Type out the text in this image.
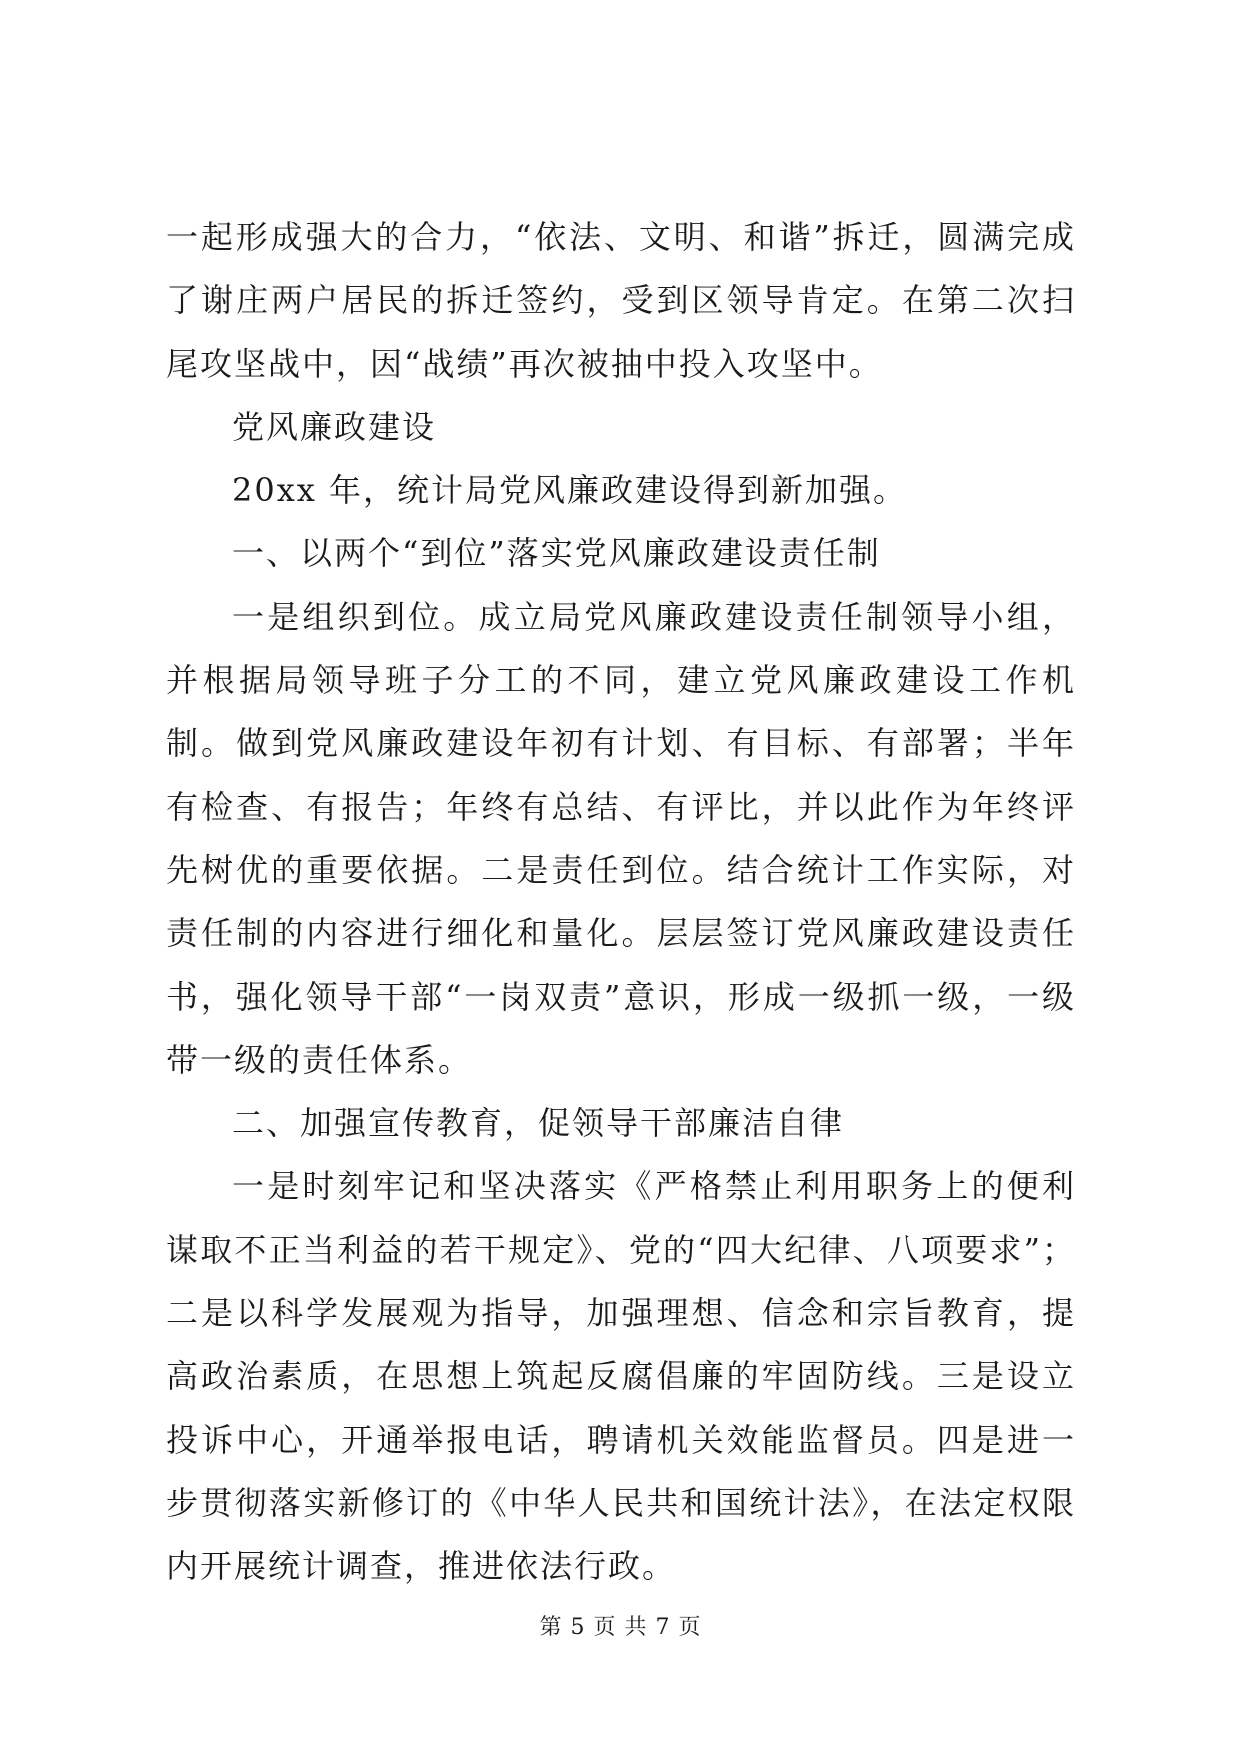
一起形成强大的合力，“依法、文明、和谐”拆迁，圆满完成了谢庄两户居民的拆迁签约，受到区领导肯定。在第二次扫尾攻坚战中，因“战绩”再次被抽中投入攻坚中。

党风廉政建设

20xx 年，统计局党风廉政建设得到新加强。

一、以两个“到位”落实党风廉政建设责任制

一是组织到位。成立局党风廉政建设责任制领导小组，并根据局领导班子分工的不同，建立党风廉政建设工作机制。做到党风廉政建设年初有计划、有目标、有部署；半年有检查、有报告；年终有总结、有评比，并以此作为年终评先树优的重要依据。二是责任到位。结合统计工作实际，对责任制的内容进行细化和量化。层层签订党风廉政建设责任书，强化领导干部“一岗双责”意识，形成一级抓一级，一级带一级的责任体系。

二、加强宣传教育，促领导干部廉洁自律

一是时刻牢记和坚决落实《严格禁止利用职务上的便利谋取不正当利益的若干规定》、党的“四大纪律、八项要求”；二是以科学发展观为指导，加强理想、信念和宗旨教育，提高政治素质，在思想上筑起反腐倡廉的牢固防线。三是设立投诉中心，开通举报电话，聘请机关效能监督员。四是进一步贯彻落实新修订的《中华人民共和国统计法》，在法定权限内开展统计调查，推进依法行政。

第 5 页 共 7 页
